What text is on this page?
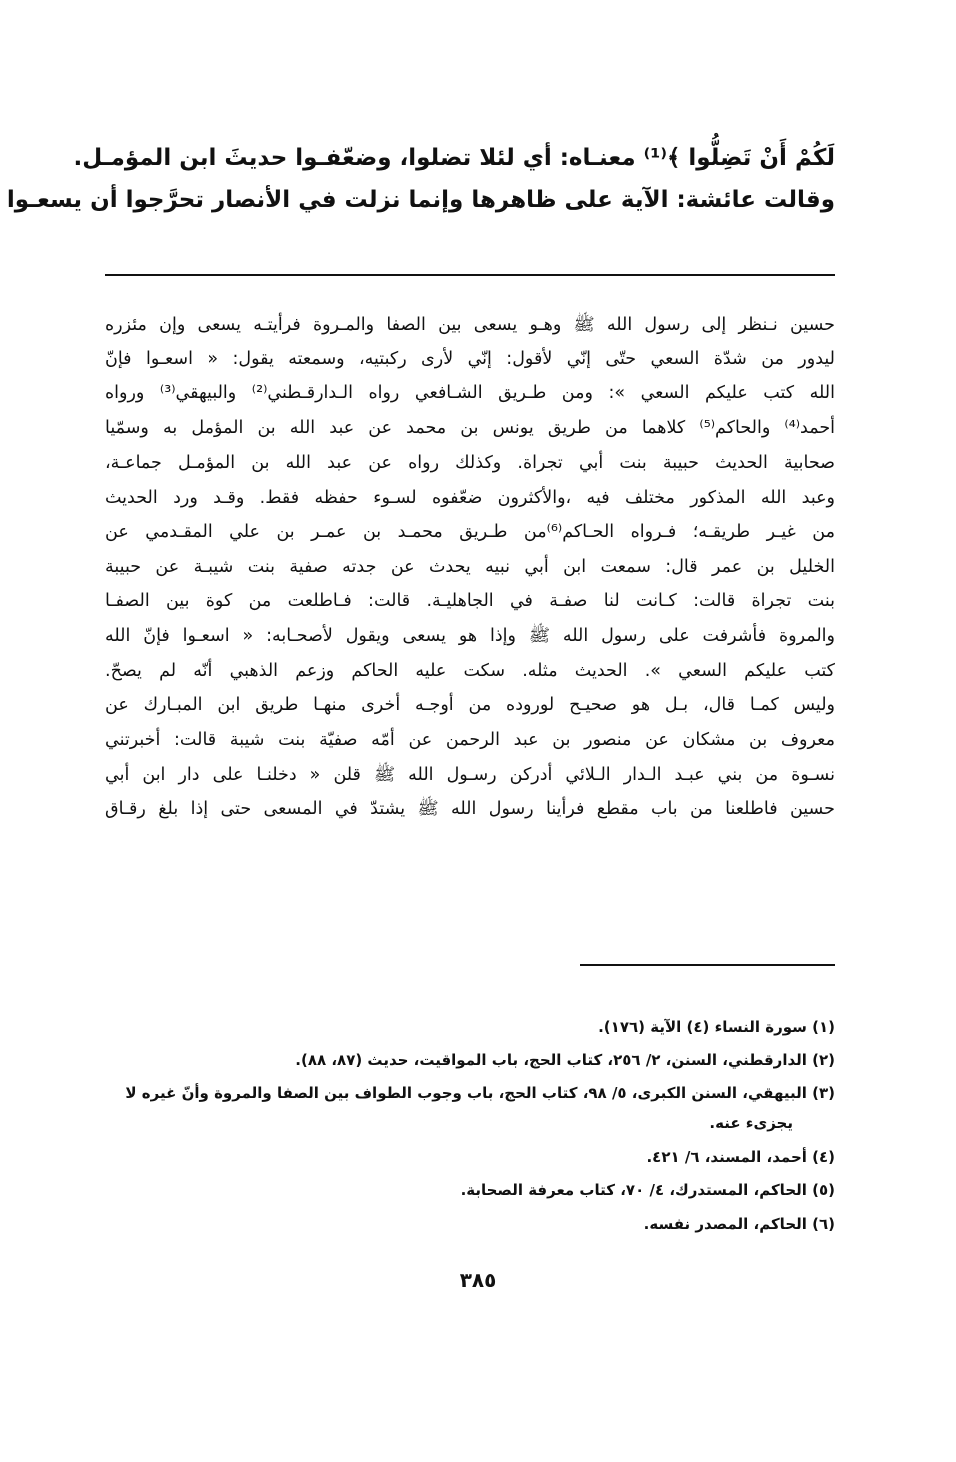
لَكُمْ أَنْ تَضِلُّوا ﴾⁽¹⁾ معنـاه: أي لئلا تضلوا، وضعّفـوا حديثَ ابن المؤمـل.
وقالت عائشة: الآية على ظاهرها وإنما نزلت في الأنصار تحرَّجوا أن يسعـوا
حسين نـنظر إلى رسول الله ﷺ وهـو يسعى بين الصفا والمـروة فرأيتـه يسعى وإن مئزره
ليدور من شدّة السعي حتّى إنّي لأقول: إنّي لأرى ركبتيه، وسمعته يقول: « اسعـوا فإنّ
الله كتب عليكم السعي »: ومن طـريق الشـافعي رواه الـدارقـطني⁽²⁾ والبيهقي⁽³⁾ ورواه
أحمد⁽⁴⁾ والحاكم⁽⁵⁾ كلاهما من طريق يونس بن محمد عن عبد الله بن المؤمل به وسمّيا
صحابية الحديث حبيبة بنت أبي تجراة. وكذلك رواه عن عبد الله بن المؤمـل جماعـة،
وعبد الله المذكور مختلف فيه ،والأكثرون ضعّفوه لسـوء حفظه فقط. وقـد ورد الحديث
من غيـر طريقـه؛ فـرواه الحـاكم⁽⁶⁾من طـريق محمـد بن عمـر بن علي المقـدمي عن
الخليل بن عمر قال: سمعت ابن أبي نبيه يحدث عن جدته صفية بنت شيبـة عن حبيبة
بنت تجراة قالت: كـانت لنا صفـة في الجاهليـة. قالت: فـاطلعت من كوة بين الصفـا
والمروة فأشرفت على رسول الله ﷺ وإذا هو يسعى ويقول لأصحـابه: « اسعـوا فإنّ الله
كتب عليكم السعي ». الحديث مثله. سكت عليه الحاكم وزعم الذهبي أنّه لم يصحّ.
وليس كمـا قال، بـل هو صحيـح لوروده من أوجـه أخرى منهـا طريق ابن المبـارك عن
معروف بن مشكان عن منصور بن عبد الرحمن عن أمّه صفيّة بنت شيبة قالت: أخبرتني
نسـوة من بني عبـد الـدار الـلائي أدركن رسـول الله ﷺ قلن « دخلنـا على دار ابن أبي
حسين فاطلعنا من باب مقطع فرأينا رسول الله ﷺ يشتدّ في المسعى حتى إذا بلغ رقـاق
(١) سورة النساء (٤) الآية (١٧٦).
(٢) الدارقطني، السنن، ٢/ ٢٥٦، كتاب الحج، باب المواقيت، حديث (٨٧، ٨٨).
(٣) البيهقي، السنن الكبرى، ٥/ ٩٨، كتاب الحج، باب وجوب الطواف بين الصفا والمروة وأنّ غيره لا
يجزىء عنه.
(٤) أحمد، المسند، ٦/ ٤٢١.
(٥) الحاكم، المستدرك، ٤/ ٧٠، كتاب معرفة الصحابة.
(٦) الحاكم، المصدر نفسه.
٣٨٥
